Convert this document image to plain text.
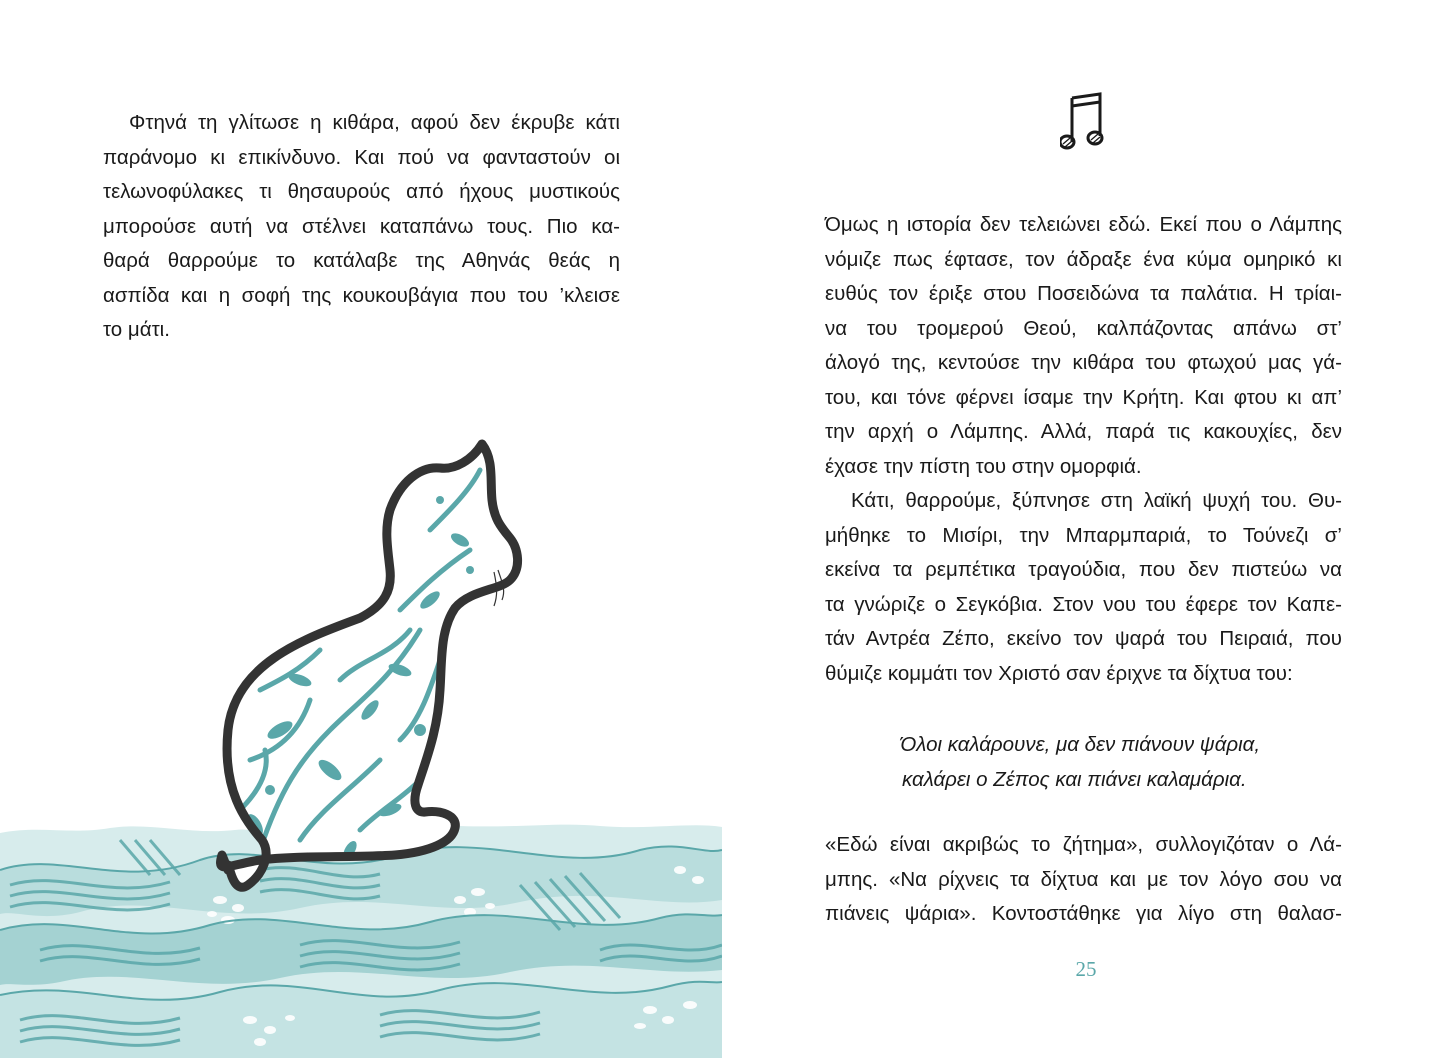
Φτηνά τη γλίτωσε η κιθάρα, αφού δεν έκρυβε κάτι
παράνομο κι επικίνδυνο. Και πού να φανταστούν οι
τελωνοφύλακες τι θησαυρούς από ήχους μυστικούς
μπορούσε αυτή να στέλνει καταπάνω τους. Πιο κα-
θαρά θαρρούμε το κατάλαβε της Αθηνάς θεάς η
ασπίδα και η σοφή της κουκουβάγια που του ’κλεισε
το μάτι.

Όμως η ιστορία δεν τελειώνει εδώ. Εκεί που ο Λάμπης
νόμιζε πως έφτασε, τον άδραξε ένα κύμα ομηρικό κι
ευθύς τον έριξε στου Ποσειδώνα τα παλάτια. Η τρίαι-
να του τρομερού Θεού, καλπάζοντας απάνω στ’
άλογό της, κεντούσε την κιθάρα του φτωχού μας γά-
του, και τόνε φέρνει ίσαμε την Κρήτη. Και φτου κι απ’
την αρχή ο Λάμπης. Αλλά, παρά τις κακουχίες, δεν
έχασε την πίστη του στην ομορφιά.
Κάτι, θαρρούμε, ξύπνησε στη λαϊκή ψυχή του. Θυ-
μήθηκε το Μισίρι, την Μπαρμπαριά, το Τούνεζι σ’
εκείνα τα ρεμπέτικα τραγούδια, που δεν πιστεύω να
τα γνώριζε ο Σεγκόβια. Στον νου του έφερε τον Καπε-
τάν Αντρέα Ζέπο, εκείνο τον ψαρά του Πειραιά, που
θύμιζε κομμάτι τον Χριστό σαν έριχνε τα δίχτυα του:

Όλοι καλάρουνε, μα δεν πιάνουν ψάρια,
καλάρει ο Ζέπος και πιάνει καλαμάρια.

«Εδώ είναι ακριβώς το ζήτημα», συλλογιζόταν ο Λά-
μπης. «Να ρίχνεις τα δίχτυα και με τον λόγο σου να
πιάνεις ψάρια». Κοντοστάθηκε για λίγο στη θαλασ-

25
